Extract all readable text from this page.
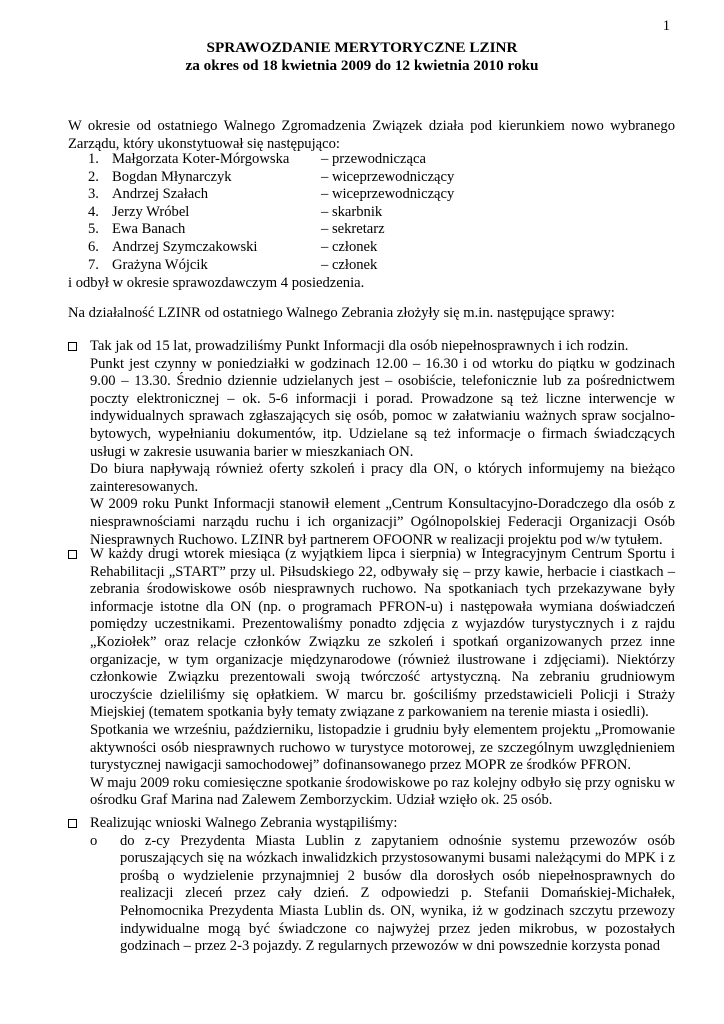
1
SPRAWOZDANIE MERYTORYCZNE LZINR
za okres od 18 kwietnia 2009 do 12 kwietnia 2010 roku
W okresie od ostatniego Walnego Zgromadzenia Związek działa pod kierunkiem nowo wybranego Zarządu, który ukonstytuował się następująco:
1. Małgorzata Koter-Mórgowska	– przewodnicząca
2. Bogdan Młynarczyk	– wiceprzewodniczący
3. Andrzej Szałach	– wiceprzewodniczący
4. Jerzy Wróbel	– skarbnik
5. Ewa Banach	– sekretarz
6. Andrzej Szymczakowski	– członek
7. Grażyna Wójcik	– członek
i odbył w okresie sprawozdawczym 4 posiedzenia.
Na działalność LZINR od ostatniego Walnego Zebrania złożyły się m.in. następujące sprawy:

Tak jak od 15 lat, prowadziliśmy Punkt Informacji dla osób niepełnosprawnych i ich rodzin.

Punkt jest czynny w poniedziałki w godzinach 12.00 – 16.30 i od wtorku do piątku w godzinach 9.00 – 13.30. Średnio dziennie udzielanych jest – osobiście, telefonicznie lub za pośrednictwem poczty elektronicznej – ok. 5-6 informacji i porad. Prowadzone są też liczne interwencje w indywidualnych sprawach zgłaszających się osób, pomoc w załatwianiu ważnych spraw socjalno-bytowych, wypełnianiu dokumentów, itp. Udzielane są też informacje o firmach świadczących usługi w zakresie usuwania barier w mieszkaniach ON.

Do biura napływają również oferty szkoleń i pracy dla ON, o których informujemy na bieżąco zainteresowanych.

W 2009 roku Punkt Informacji stanowił element „Centrum Konsultacyjno-Doradczego dla osób z niesprawnościami narządu ruchu i ich organizacji” Ogólnopolskiej Federacji Organizacji Osób Niesprawnych Ruchowo. LZINR był partnerem OFOONR w realizacji projektu pod w/w tytułem.

W każdy drugi wtorek miesiąca (z wyjątkiem lipca i sierpnia) w Integracyjnym Centrum Sportu i Rehabilitacji „START” przy ul. Piłsudskiego 22, odbywały się – przy kawie, herbacie i ciastkach – zebrania środowiskowe osób niesprawnych ruchowo. Na spotkaniach tych przekazywane były informacje istotne dla ON (np. o programach PFRON-u) i następowała wymiana doświadczeń pomiędzy uczestnikami. Prezentowaliśmy ponadto zdjęcia z wyjazdów turystycznych i z rajdu „Koziołek” oraz relacje członków Związku ze szkoleń i spotkań organizowanych przez inne organizacje, w tym organizacje międzynarodowe (również ilustrowane i zdjęciami). Niektórzy członkowie Związku prezentowali swoją twórczość artystyczną. Na zebraniu grudniowym uroczyście dzieliliśmy się opłatkiem. W marcu br. gościliśmy przedstawicieli Policji i Straży Miejskiej (tematem spotkania były tematy związane z parkowaniem na terenie miasta i osiedli).

Spotkania we wrześniu, październiku, listopadzie i grudniu były elementem projektu „Promowanie aktywności osób niesprawnych ruchowo w turystyce motorowej, ze szczególnym uwzględnieniem turystycznej nawigacji samochodowej” dofinansowanego przez MOPR ze środków PFRON.

W maju 2009 roku comiesięczne spotkanie środowiskowe po raz kolejny odbyło się przy ognisku w ośrodku Graf Marina nad Zalewem Zemborzyckim. Udział wzięło ok. 25 osób.

Realizując wnioski Walnego Zebrania wystąpiliśmy:

o do z-cy Prezydenta Miasta Lublin z zapytaniem odnośnie systemu przewozów osób poruszających się na wózkach inwalidzkich przystosowanymi busami należącymi do MPK i z prośbą o wydzielenie przynajmniej 2 busów dla dorosłych osób niepełnosprawnych do realizacji zleceń przez cały dzień. Z odpowiedzi p. Stefanii Domańskiej-Michałek, Pełnomocnika Prezydenta Miasta Lublin ds. ON, wynika, iż w godzinach szczytu przewozy indywidualne mogą być świadczone co najwyżej przez jeden mikrobus, w pozostałych godzinach – przez 2-3 pojazdy. Z regularnych przewozów w dni powszednie korzysta ponad
